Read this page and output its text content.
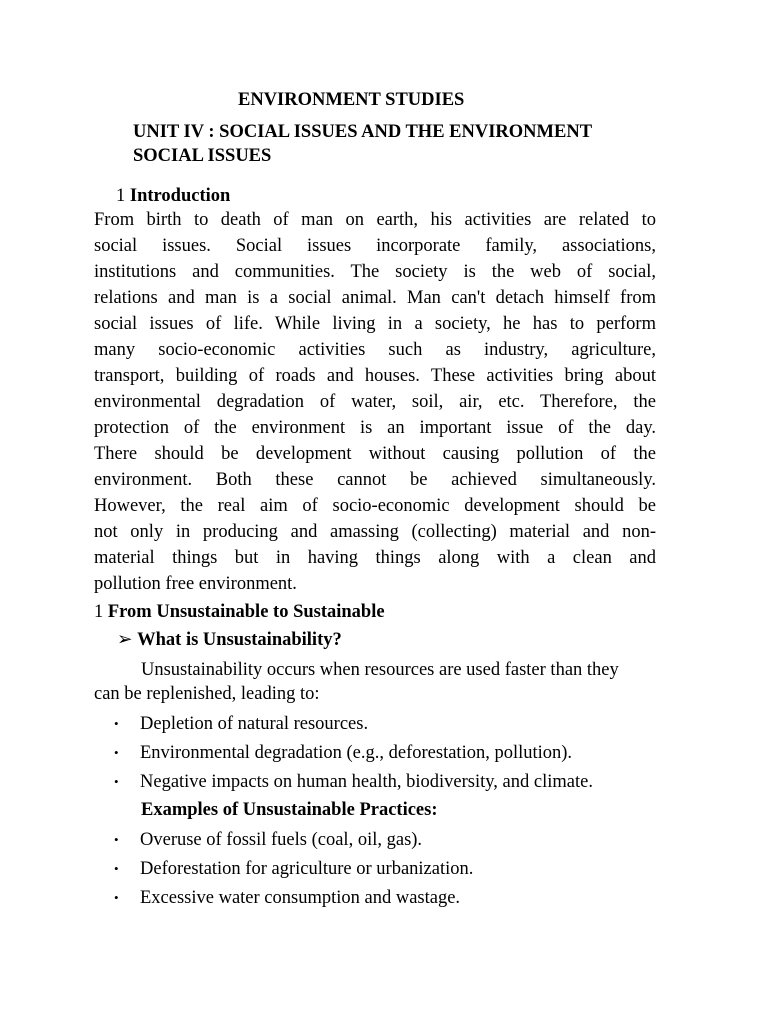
ENVIRONMENT STUDIES
UNIT IV : SOCIAL ISSUES AND THE ENVIRONMENT
SOCIAL ISSUES
1 Introduction
From birth to death of man on earth, his activities are related to
social issues. Social issues incorporate family, associations,
institutions and communities. The society is the web of social,
relations and man is a social animal. Man can't detach himself from
social issues of life. While living in a society, he has to perform
many socio-economic activities such as industry, agriculture,
transport, building of roads and houses. These activities bring about
environmental degradation of water, soil, air, etc. Therefore, the
protection of the environment is an important issue of the day.
There should be development without causing pollution of the
environment. Both these cannot be achieved simultaneously.
However, the real aim of socio-economic development should be
not only in producing and amassing (collecting) material and non-
material things but in having things along with a clean and
pollution free environment.
1 From Unsustainable to Sustainable
➢ What is Unsustainability?
Unsustainability occurs when resources are used faster than they
can be replenished, leading to:
• Depletion of natural resources.
• Environmental degradation (e.g., deforestation, pollution).
• Negative impacts on human health, biodiversity, and climate.
Examples of Unsustainable Practices:
• Overuse of fossil fuels (coal, oil, gas).
• Deforestation for agriculture or urbanization.
• Excessive water consumption and wastage.
